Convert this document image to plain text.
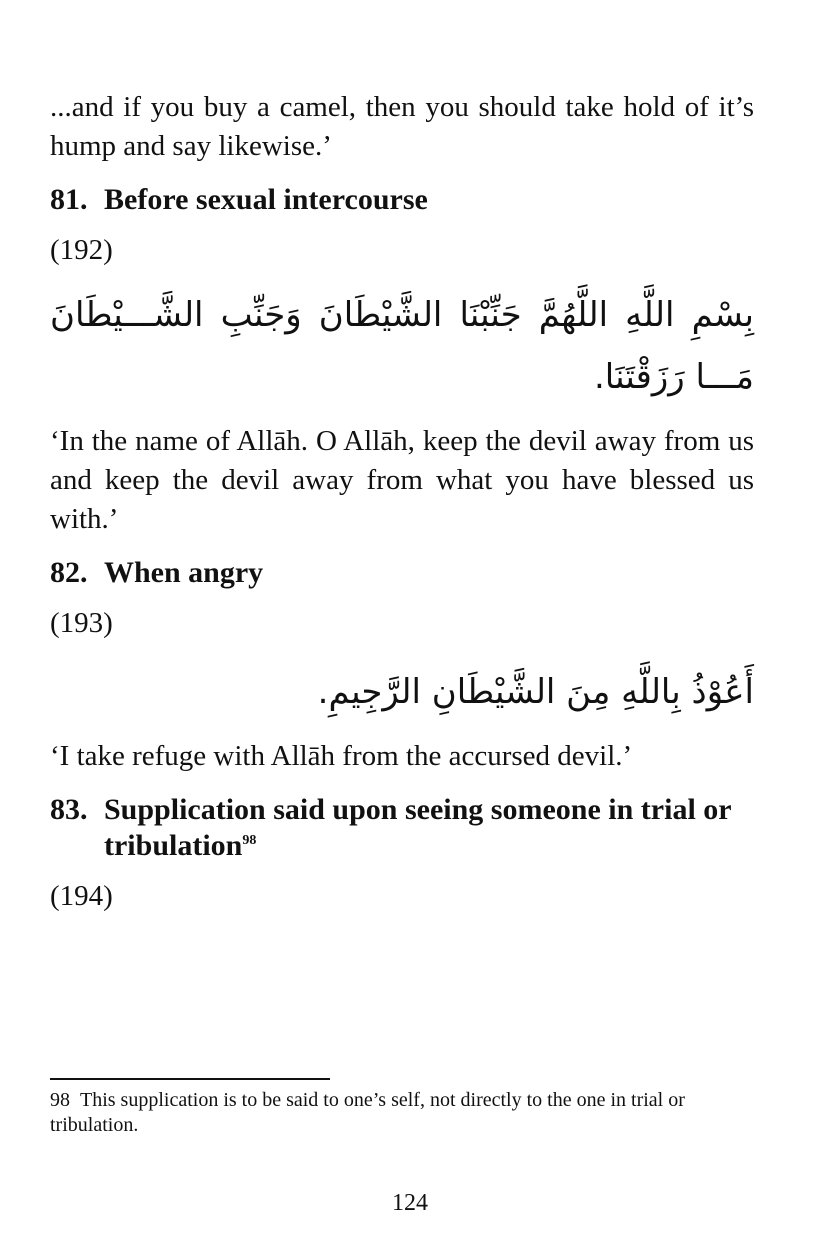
...and if you buy a camel, then you should take hold of it’s hump and say likewise.’

81. Before sexual intercourse
(192)
بِسْمِ اللَّهِ اللَّهُمَّ جَنِّبْنَا الشَّيْطَانَ وَجَنِّبِ الشَّـــيْطَانَ مَـــا رَزَقْتَنَا.

‘In the name of Allāh. O Allāh, keep the devil away from us and keep the devil away from what you have blessed us with.’

82. When angry
(193)
أَعُوْذُ بِاللَّهِ مِنَ الشَّيْطَانِ الرَّجِيمِ.

‘I take refuge with Allāh from the accursed devil.’

83. Supplication said upon seeing someone in trial or tribulation$^{98}$
(194)
98 This supplication is to be said to one’s self, not directly to the one in trial or tribulation.
124
